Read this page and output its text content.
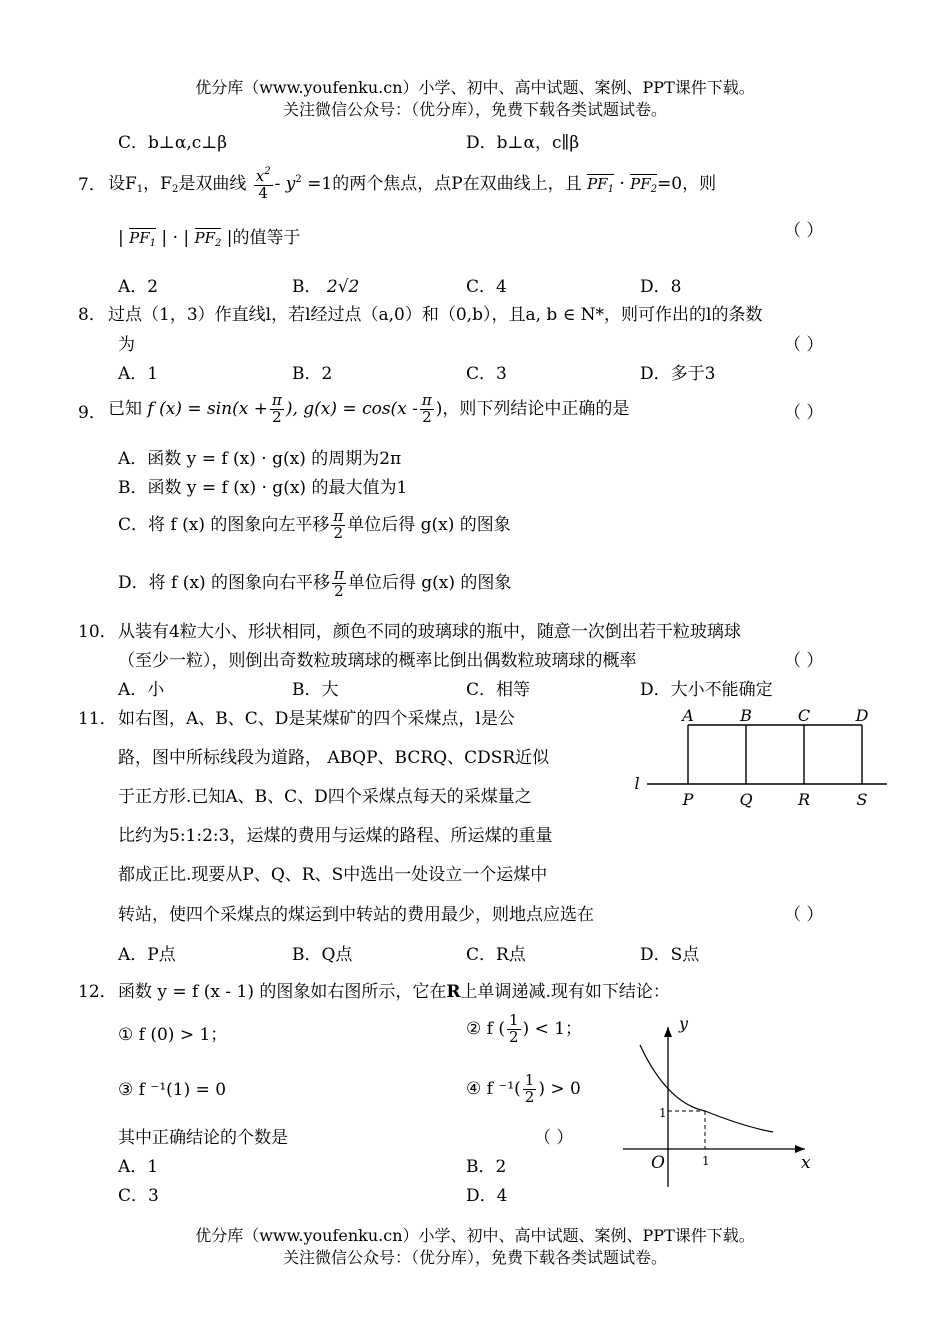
优分库（www.youfenku.cn）小学、初中、高中试题、案例、PPT课件下载。
关注微信公众号：（优分库），免费下载各类试题试卷。
C．b⊥α,c⊥β	D．b⊥α，c∥β
7． 设$F_1$，$F_2$是双曲线 $\frac{x^2}{4} - y^2 =1$的两个焦点，点P在双曲线上，且 $PF_1 \cdot PF_2=0$，则
| $PF_1$ | · | $PF_2$ |的值等于	（ ）
A．2	B． 2√2	C．4	D．8
8． 过点（1，3）作直线l，若l经过点（a,0）和（0,b），且a, b ∈ N*，则可作出的l的条数
为	（ ）
A．1	B．2	C．3	D．多于3
9． 已知 f $(x) = \sin(x + \frac{\pi}{2}$ ), $g(x) = \cos(x - \frac{\pi}{2}$ )，则下列结论中正确的是	（ ）
A．函数 y = f (x) · g(x) 的周期为2π
B．函数 y = f (x) · g(x) 的最大值为1
C．将 f (x) 的图象向左平移 $\frac{\pi}{2}$ 单位后得 g(x) 的图象
D．将 f (x) 的图象向右平移 $\frac{\pi}{2}$ 单位后得 g(x) 的图象
10． 从装有4粒大小、形状相同，颜色不同的玻璃球的瓶中，随意一次倒出若干粒玻璃球
（至少一粒），则倒出奇数粒玻璃球的概率比倒出偶数粒玻璃球的概率	（ ）
A．小	B．大	C．相等	D．大小不能确定
11． 如右图，A、B、C、D是某煤矿的四个采煤点，l是公
路，图中所标线段为道路， ABQP、BCRQ、CDSR近似
于正方形.已知A、B、C、D四个采煤点每天的采煤量之
比约为5:1:2:3，运煤的费用与运煤的路程、所运煤的重量
都成正比.现要从P、Q、R、S中选出一处设立一个运煤中
转站，使四个采煤点的煤运到中转站的费用最少，则地点应选在	（ ）
A．P点	B．Q点	C．R点	D．S点
A	B	C	D
P	Q	R	S
l
12． 函数 y = f (x - 1) 的图象如右图所示，它在R上单调递减.现有如下结论：
① f (0) > 1；	② f ( $\frac{1}{2}$ ) < 1；
③ f ⁻¹(1) = 0	④ f $^{-1}( \frac{1}{2}$ ) > 0
其中正确结论的个数是	（ ）
A．1	B．2
C．3	D．4
y
x
O
1
1
优分库（www.youfenku.cn）小学、初中、高中试题、案例、PPT课件下载。
关注微信公众号：（优分库），免费下载各类试题试卷。
